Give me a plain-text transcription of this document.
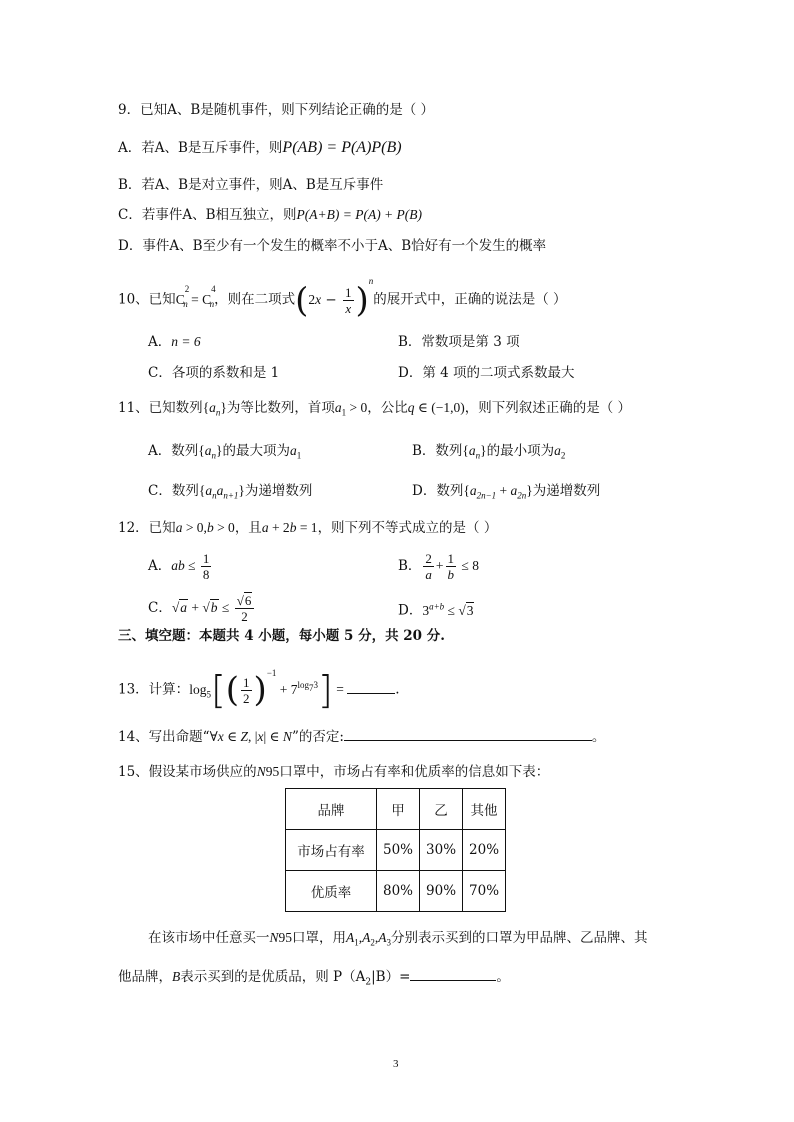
9．已知A、B是随机事件，则下列结论正确的是（ ）
A．若A、B是互斥事件，则P(AB) = P(A)P(B)
B．若A、B是对立事件，则A、B是互斥事件
C．若事件A、B相互独立，则P(A+B) = P(A) + P(B)
D．事件A、B至少有一个发生的概率不小于A、B恰好有一个发生的概率
10、已知$C^2_n = C^4_n$，则在二项式$(2x - \frac{1}{x} )^n$的展开式中，正确的说法是（ ）
A．n = 6	B．常数项是第 3 项
C．各项的系数和是 1	D．第 4 项的二项式系数最大
11、已知数列$\{a_n\}$为等比数列，首项$a_1 > 0$，公比q ∈ (−1,0)，则下列叙述正确的是（ ）
A．数列$\{a_n\}$的最大项为$a_1$	B．数列$\{a_n\}$的最小项为$a_2$
C．数列$\{a_na_{n+1}\}$为递增数列	D．数列$\{a_{2n-1} + a_{2n}\}$为递增数列
12．已知a > 0,b > 0，且a + 2b = 1，则下列不等式成立的是（ ）
A．ab ≤ $\frac{1}{8}$	B． $\frac{2}{a} + \frac{1}{b} \le 8$
C．$√a + √b \le \frac{√6}{2}$	D．$3^{a+b} \le √3$
三、填空题：本题共 4 小题，每小题 5 分，共 20 分.
13．计算：$\log_5[( \frac{1}{2} )^{-1} + 7^{log_73}]$ =	.
14、写出命题“∀x ∈ Z, |x| ∈ N”的否定:	。
15、假设某市场供应的N95口罩中，市场占有率和优质率的信息如下表：
品牌	甲	乙	其他
市场占有率	50%	30%	20%
优质率	80%	90%	70%
在该市场中任意买一N95口罩，用$A_1,A_2,A_3$分别表示买到的口罩为甲品牌、乙品牌、其
他品牌，B表示买到的是优质品，则 $P(A_2|B)=$	。
3
